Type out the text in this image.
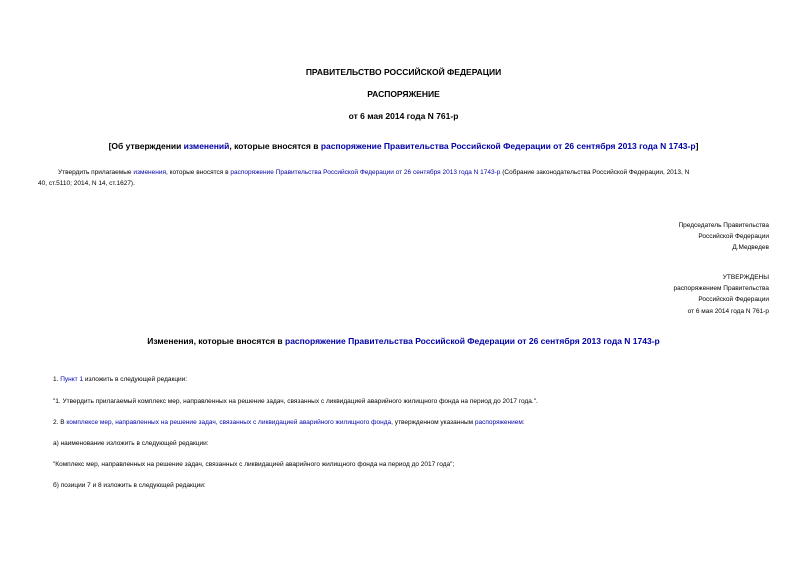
ПРАВИТЕЛЬСТВО РОССИЙСКОЙ ФЕДЕРАЦИИ
РАСПОРЯЖЕНИЕ
от 6 мая 2014 года N 761-р
[Об утверждении изменений, которые вносятся в распоряжение Правительства Российской Федерации от 26 сентября 2013 года N 1743-р]
Утвердить прилагаемые изменения, которые вносятся в распоряжение Правительства Российской Федерации от 26 сентября 2013 года N 1743-р (Собрание законодательства Российской Федерации, 2013, N
40, ст.5110; 2014, N 14, ст.1627).
Председатель Правительства
Российской Федерации
Д.Медведев
УТВЕРЖДЕНЫ
распоряжением Правительства
Российской Федерации
от 6 мая 2014 года N 761-р
Изменения, которые вносятся в распоряжение Правительства Российской Федерации от 26 сентября 2013 года N 1743-р
1. Пункт 1 изложить в следующей редакции:
"1. Утвердить прилагаемый комплекс мер, направленных на решение задач, связанных с ликвидацией аварийного жилищного фонда на период до 2017 года.".
2. В комплексе мер, направленных на решение задач, связанных с ликвидацией аварийного жилищного фонда, утвержденном указанным распоряжением:
а) наименование изложить в следующей редакции:
"Комплекс мер, направленных на решение задач, связанных с ликвидацией аварийного жилищного фонда на период до 2017 года";
б) позиции 7 и 8 изложить в следующей редакции:
